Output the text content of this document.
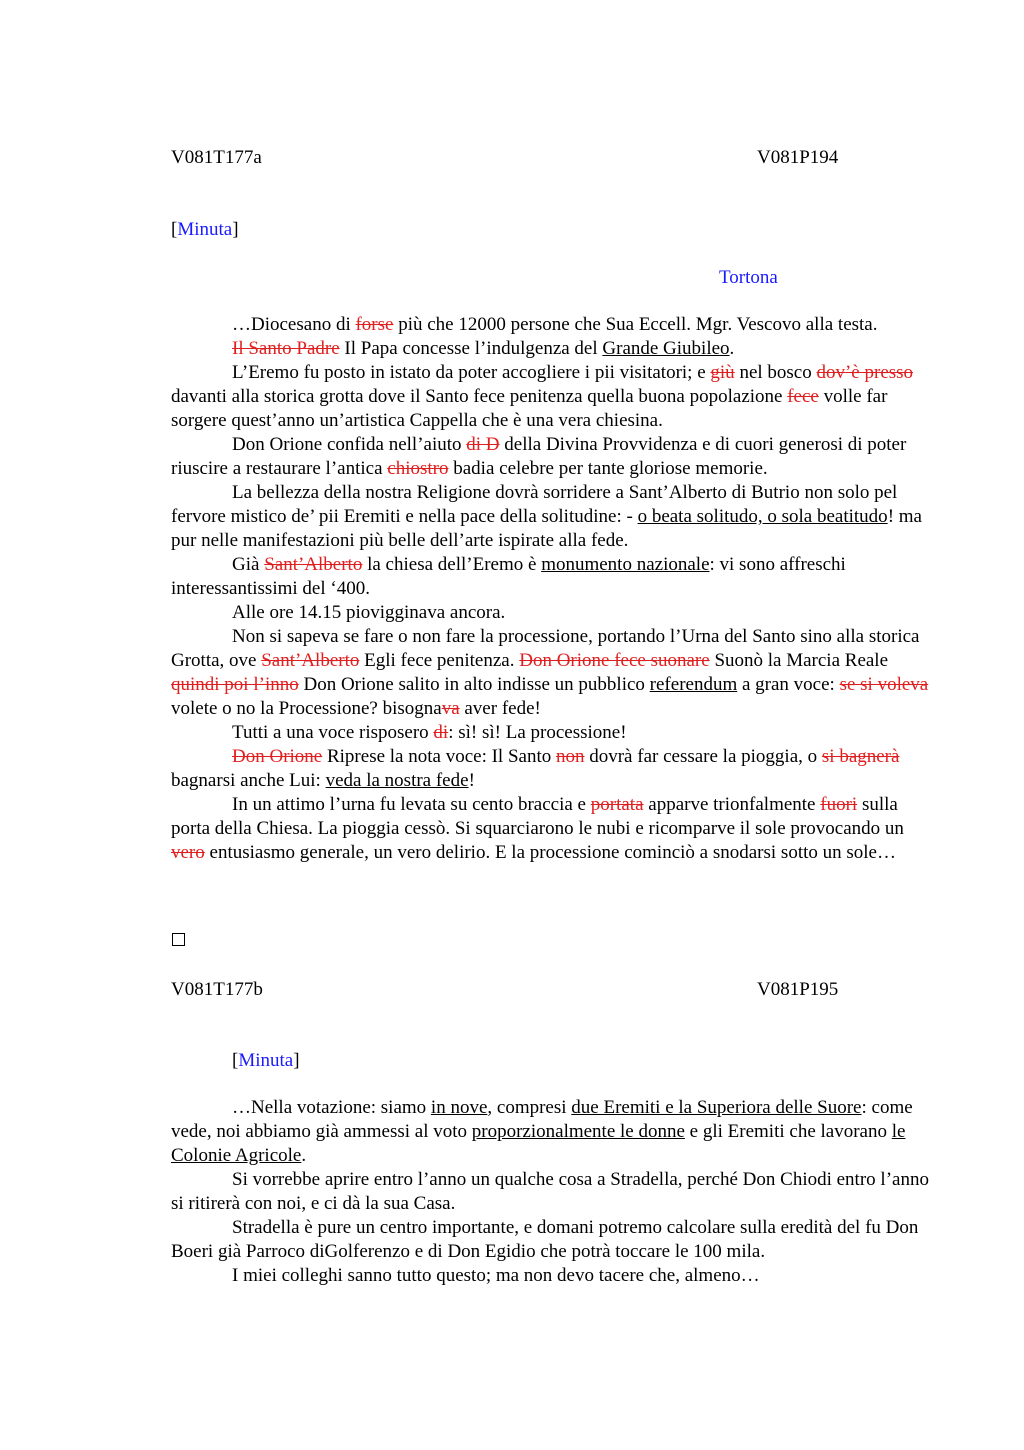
V081T177a	V081P194
[Minuta]
Tortona

…Diocesano di forse più che 12000 persone che Sua Eccell. Mgr. Vescovo alla testa.

Il Santo Padre Il Papa concesse l’indulgenza del Grande Giubileo.

L’Eremo fu posto in istato da poter accogliere i pii visitatori; e giù nel bosco dov’è presso davanti alla storica grotta dove il Santo fece penitenza quella buona popolazione fece volle far sorgere quest’anno un’artistica Cappella che è una vera chiesina.

Don Orione confida nell’aiuto di D della Divina Provvidenza e di cuori generosi di poter riuscire a restaurare l’antica chiostro badia celebre per tante gloriose memorie.

La bellezza della nostra Religione dovrà sorridere a Sant’Alberto di Butrio non solo pel fervore mistico de’ pii Eremiti e nella pace della solitudine: - o beata solitudo, o sola beatitudo! ma pur nelle manifestazioni più belle dell’arte ispirate alla fede.

Già Sant’Alberto la chiesa dell’Eremo è monumento nazionale: vi sono affreschi interessantissimi del ‘400.

Alle ore 14.15 piovigginava ancora.

Non si sapeva se fare o non fare la processione, portando l’Urna del Santo sino alla storica Grotta, ove Sant’Alberto Egli fece penitenza. Don Orione fece suonare Suonò la Marcia Reale quindi poi l’inno Don Orione salito in alto indisse un pubblico referendum a gran voce: se si voleva volete o no la Processione? bisognava aver fede!

Tutti a una voce risposero di: sì! sì! La processione!

Don Orione Riprese la nota voce: Il Santo non dovrà far cessare la pioggia, o si bagnerà bagnarsi anche Lui: veda la nostra fede!

In un attimo l’urna fu levata su cento braccia e portata apparve trionfalmente fuori sulla porta della Chiesa. La pioggia cessò. Si squarciarono le nubi e ricomparve il sole provocando un vero entusiasmo generale, un vero delirio. E la processione cominciò a snodarsi sotto un sole…

V081T177b	V081P195
[Minuta]

…Nella votazione: siamo in nove, compresi due Eremiti e la Superiora delle Suore: come vede, noi abbiamo già ammessi al voto proporzionalmente le donne e gli Eremiti che lavorano le Colonie Agricole.

Si vorrebbe aprire entro l’anno un qualche cosa a Stradella, perché Don Chiodi entro l’anno si ritirerà con noi, e ci dà la sua Casa.

Stradella è pure un centro importante, e domani potremo calcolare sulla eredità del fu Don Boeri già Parroco diGolferenzo e di Don Egidio che potrà toccare le 100 mila.

I miei colleghi sanno tutto questo; ma non devo tacere che, almeno…
